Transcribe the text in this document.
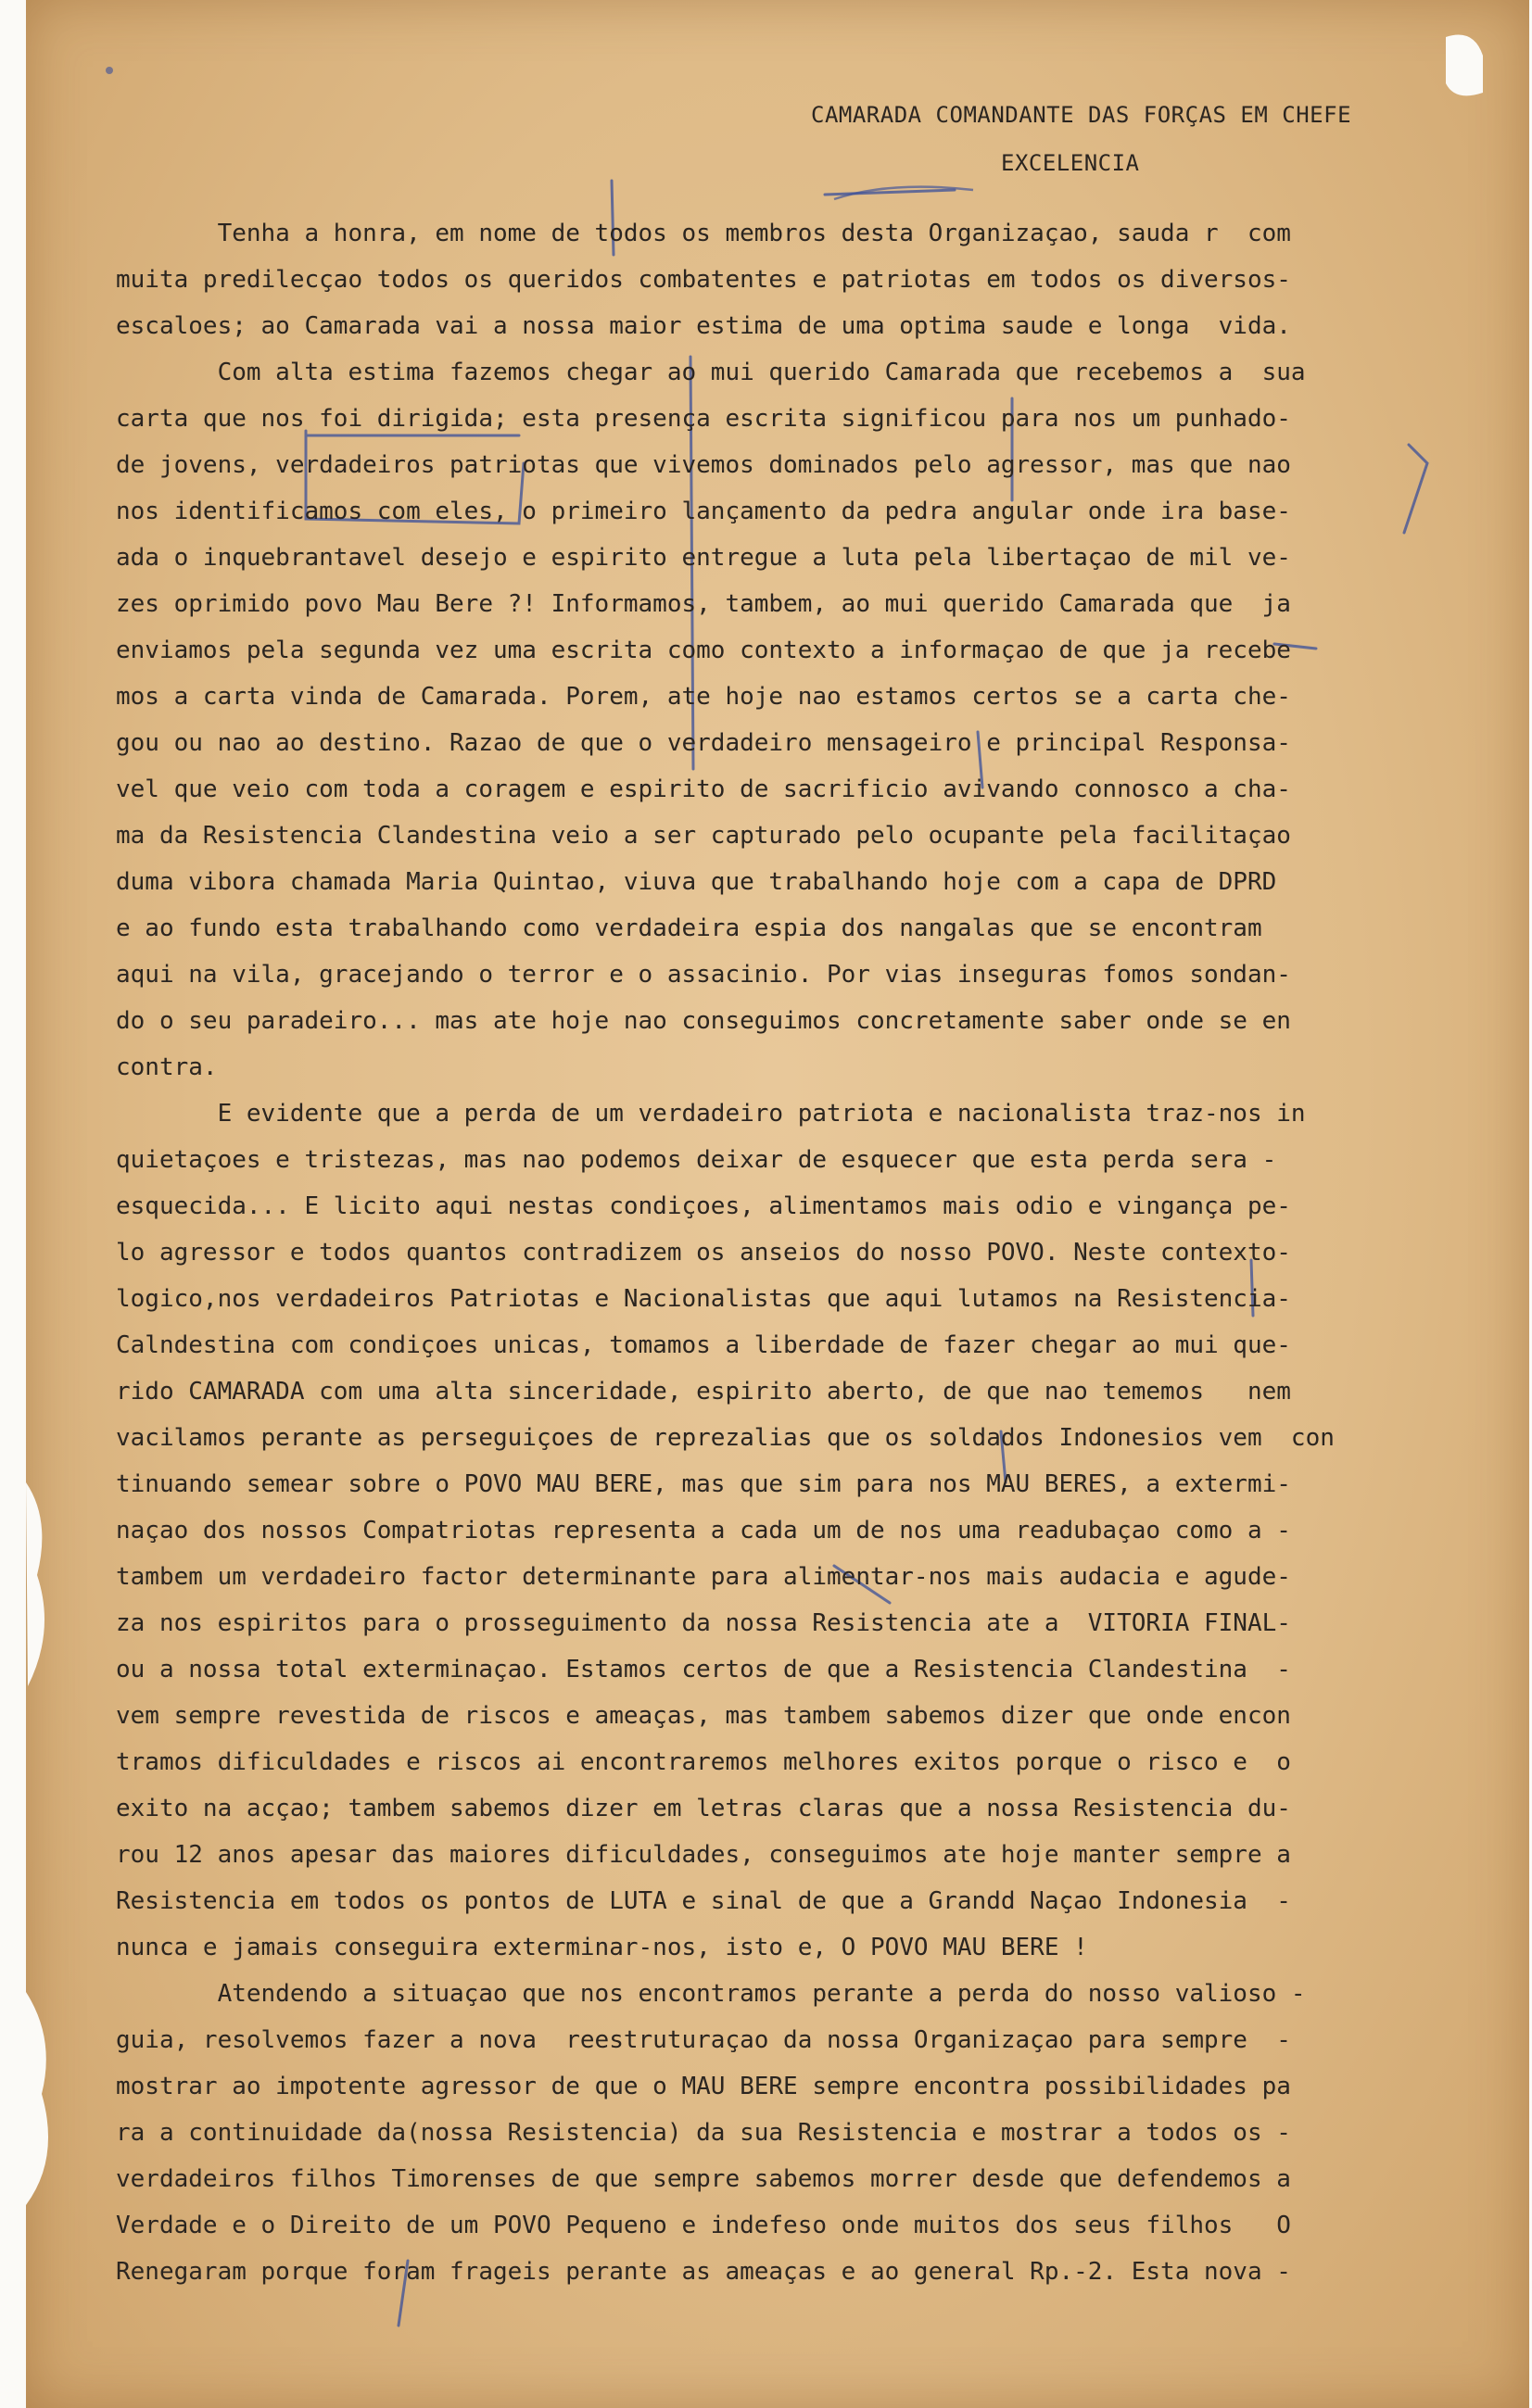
CAMARADA COMANDANTE DAS FORÇAS EM CHEFE
EXCELENCIA
Tenha a honra, em nome de todos os membros desta Organizaçao, sauda r  com
muita predilecçao todos os queridos combatentes e patriotas em todos os diversos-
escaloes; ao Camarada vai a nossa maior estima de uma optima saude e longa  vida.
Com alta estima fazemos chegar ao mui querido Camarada que recebemos a  sua
carta que nos foi dirigida; esta presença escrita significou para nos um punhado-
de jovens, verdadeiros patriotas que vivemos dominados pelo agressor, mas que nao
nos identificamos com eles, o primeiro lançamento da pedra angular onde ira base-
ada o inquebrantavel desejo e espirito entregue a luta pela libertaçao de mil ve-
zes oprimido povo Mau Bere ?! Informamos, tambem, ao mui querido Camarada que  ja
enviamos pela segunda vez uma escrita como contexto a informaçao de que ja recebe
mos a carta vinda de Camarada. Porem, ate hoje nao estamos certos se a carta che-
gou ou nao ao destino. Razao de que o verdadeiro mensageiro e principal Responsa-
vel que veio com toda a coragem e espirito de sacrificio avivando connosco a cha-
ma da Resistencia Clandestina veio a ser capturado pelo ocupante pela facilitaçao
duma vibora chamada Maria Quintao, viuva que trabalhando hoje com a capa de DPRD
e ao fundo esta trabalhando como verdadeira espia dos nangalas que se encontram
aqui na vila, gracejando o terror e o assacinio. Por vias inseguras fomos sondan-
do o seu paradeiro... mas ate hoje nao conseguimos concretamente saber onde se en
contra.
E evidente que a perda de um verdadeiro patriota e nacionalista traz-nos in
quietaçoes e tristezas, mas nao podemos deixar de esquecer que esta perda sera -
esquecida... E licito aqui nestas condiçoes, alimentamos mais odio e vingança pe-
lo agressor e todos quantos contradizem os anseios do nosso POVO. Neste contexto-
logico,nos verdadeiros Patriotas e Nacionalistas que aqui lutamos na Resistencia-
Calndestina com condiçoes unicas, tomamos a liberdade de fazer chegar ao mui que-
rido CAMARADA com uma alta sinceridade, espirito aberto, de que nao tememos   nem
vacilamos perante as perseguiçoes de reprezalias que os soldados Indonesios vem  con
tinuando semear sobre o POVO MAU BERE, mas que sim para nos MAU BERES, a extermi-
naçao dos nossos Compatriotas representa a cada um de nos uma readubaçao como a -
tambem um verdadeiro factor determinante para alimentar-nos mais audacia e agude-
za nos espiritos para o prosseguimento da nossa Resistencia ate a  VITORIA FINAL-
ou a nossa total exterminaçao. Estamos certos de que a Resistencia Clandestina  -
vem sempre revestida de riscos e ameaças, mas tambem sabemos dizer que onde encon
tramos dificuldades e riscos ai encontraremos melhores exitos porque o risco e  o
exito na acçao; tambem sabemos dizer em letras claras que a nossa Resistencia du-
rou 12 anos apesar das maiores dificuldades, conseguimos ate hoje manter sempre a
Resistencia em todos os pontos de LUTA e sinal de que a Grandd Naçao Indonesia  -
nunca e jamais conseguira exterminar-nos, isto e, O POVO MAU BERE !
Atendendo a situaçao que nos encontramos perante a perda do nosso valioso -
guia, resolvemos fazer a nova  reestruturaçao da nossa Organizaçao para sempre  -
mostrar ao impotente agressor de que o MAU BERE sempre encontra possibilidades pa
ra a continuidade da(nossa Resistencia) da sua Resistencia e mostrar a todos os -
verdadeiros filhos Timorenses de que sempre sabemos morrer desde que defendemos a
Verdade e o Direito de um POVO Pequeno e indefeso onde muitos dos seus filhos   O
Renegaram porque foram frageis perante as ameaças e ao general Rp.-2. Esta nova -
